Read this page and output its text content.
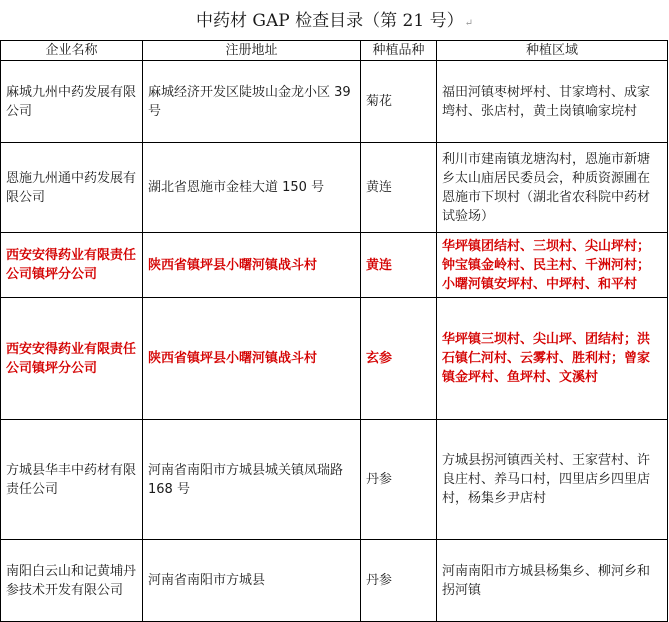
中药材 GAP 检查目录（第 21 号）↵
企业名称	注册地址	种植品种	种植区域
麻城九州中药发展有限公司	麻城经济开发区陡坡山金龙小区 39 号	菊花	福田河镇枣树坪村、甘家塆村、成家塆村、张店村，黄土岗镇喻家垸村
恩施九州通中药发展有限公司	湖北省恩施市金桂大道 150 号	黄连	利川市建南镇龙塘沟村，恩施市新塘乡太山庙居民委员会，种质资源圃在恩施市下坝村（湖北省农科院中药材试验场）
西安安得药业有限责任公司镇坪分公司	陕西省镇坪县小曙河镇战斗村	黄连	华坪镇团结村、三坝村、尖山坪村；钟宝镇金岭村、民主村、千洲河村；小曙河镇安坪村、中坪村、和平村
西安安得药业有限责任公司镇坪分公司	陕西省镇坪县小曙河镇战斗村	玄参	华坪镇三坝村、尖山坪、团结村；洪石镇仁河村、云雾村、胜利村；曾家镇金坪村、鱼坪村、文溪村
方城县华丰中药材有限责任公司	河南省南阳市方城县城关镇凤瑞路 168 号	丹参	方城县拐河镇西关村、王家营村、许良庄村、养马口村，四里店乡四里店村，杨集乡尹店村
南阳白云山和记黄埔丹参技术开发有限公司	河南省南阳市方城县	丹参	河南南阳市方城县杨集乡、柳河乡和拐河镇
